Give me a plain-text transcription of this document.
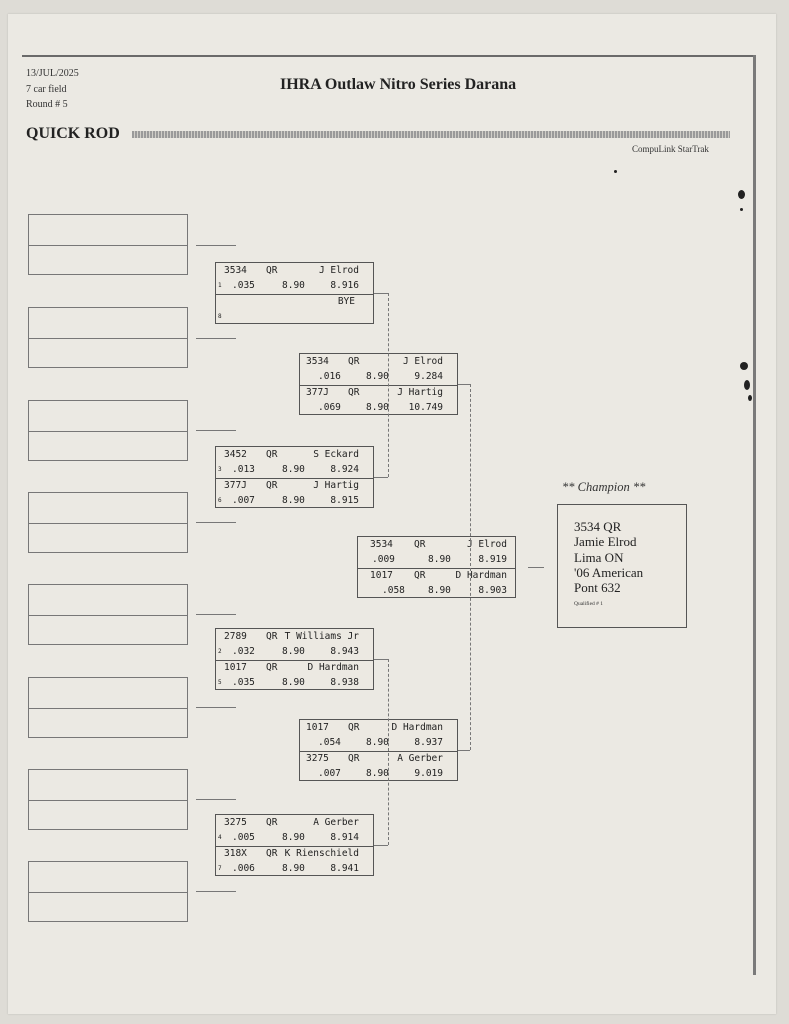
13/JUL/2025
7 car field
Round # 5
IHRA Outlaw Nitro Series Darana
QUICK ROD
CompuLink StarTrak
3534 QR	J Elrod
1 .035	8.90	8.916
BYE
8
3452 QR	S Eckard
3 .013	8.90	8.924
377J QR	J Hartig
6 .007	8.90	8.915
2789 QR T Williams Jr
2 .032	8.90	8.943
1017 QR	D Hardman
5 .035	8.90	8.938
3275 QR	A Gerber
4 .005	8.90	8.914
318X QR K Rienschield
7 .006	8.90	8.941
3534 QR	J Elrod
.016	8.90	9.284
377J QR	J Hartig
.069	8.90 10.749
1017 QR	D Hardman
.054	8.90	8.937
3275 QR	A Gerber
.007	8.90	9.019
3534 QR	J Elrod
.009	8.90	8.919
1017 QR	D Hardman
.058 8.90	8.903
** Champion **
3534 QR
Jamie Elrod
Lima ON
'06 American
Pont 632
Qualified # 1
